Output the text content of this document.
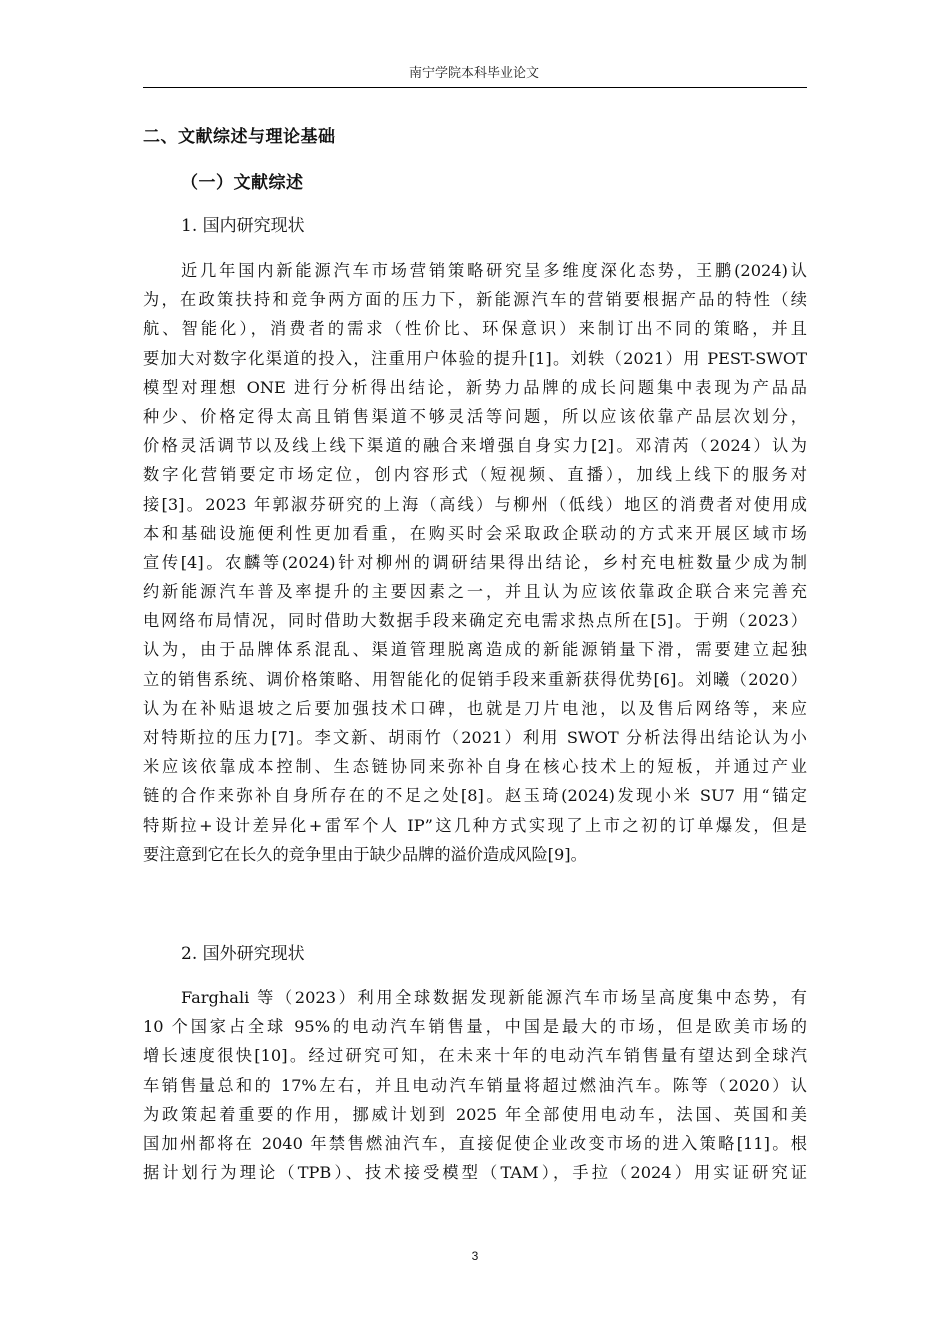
南宁学院本科毕业论文
二、文献综述与理论基础
（一）文献综述
1. 国内研究现状
近几年国内新能源汽车市场营销策略研究呈多维度深化态势，王鹏(2024)认
为，在政策扶持和竞争两方面的压力下，新能源汽车的营销要根据产品的特性（续
航、智能化），消费者的需求（性价比、环保意识）来制订出不同的策略，并且
要加大对数字化渠道的投入，注重用户体验的提升[1]。刘轶（2021）用 PEST-SWOT
模型对理想 ONE 进行分析得出结论，新势力品牌的成长问题集中表现为产品品
种少、价格定得太高且销售渠道不够灵活等问题，所以应该依靠产品层次划分，
价格灵活调节以及线上线下渠道的融合来增强自身实力[2]。邓清芮（2024）认为
数字化营销要定市场定位，创内容形式（短视频、直播），加线上线下的服务对
接[3]。2023 年郭淑芬研究的上海（高线）与柳州（低线）地区的消费者对使用成
本和基础设施便利性更加看重，在购买时会采取政企联动的方式来开展区域市场
宣传[4]。农麟等(2024)针对柳州的调研结果得出结论，乡村充电桩数量少成为制
约新能源汽车普及率提升的主要因素之一，并且认为应该依靠政企联合来完善充
电网络布局情况，同时借助大数据手段来确定充电需求热点所在[5]。于朔（2023）
认为，由于品牌体系混乱、渠道管理脱离造成的新能源销量下滑，需要建立起独
立的销售系统、调价格策略、用智能化的促销手段来重新获得优势[6]。刘曦（2020）
认为在补贴退坡之后要加强技术口碑，也就是刀片电池，以及售后网络等，来应
对特斯拉的压力[7]。李文新、胡雨竹（2021）利用 SWOT 分析法得出结论认为小
米应该依靠成本控制、生态链协同来弥补自身在核心技术上的短板，并通过产业
链的合作来弥补自身所存在的不足之处[8]。赵玉琦(2024)发现小米 SU7 用“锚定
特斯拉+设计差异化+雷军个人 IP”这几种方式实现了上市之初的订单爆发，但是
要注意到它在长久的竞争里由于缺少品牌的溢价造成风险[9]。
2. 国外研究现状
Farghali 等（2023）利用全球数据发现新能源汽车市场呈高度集中态势，有
10 个国家占全球 95%的电动汽车销售量，中国是最大的市场，但是欧美市场的
增长速度很快[10]。经过研究可知，在未来十年的电动汽车销售量有望达到全球汽
车销售量总和的 17%左右，并且电动汽车销量将超过燃油汽车。陈等（2020）认
为政策起着重要的作用，挪威计划到 2025 年全部使用电动车，法国、英国和美
国加州都将在 2040 年禁售燃油汽车，直接促使企业改变市场的进入策略[11]。根
据计划行为理论（TPB）、技术接受模型（TAM），手拉（2024）用实证研究证
3
